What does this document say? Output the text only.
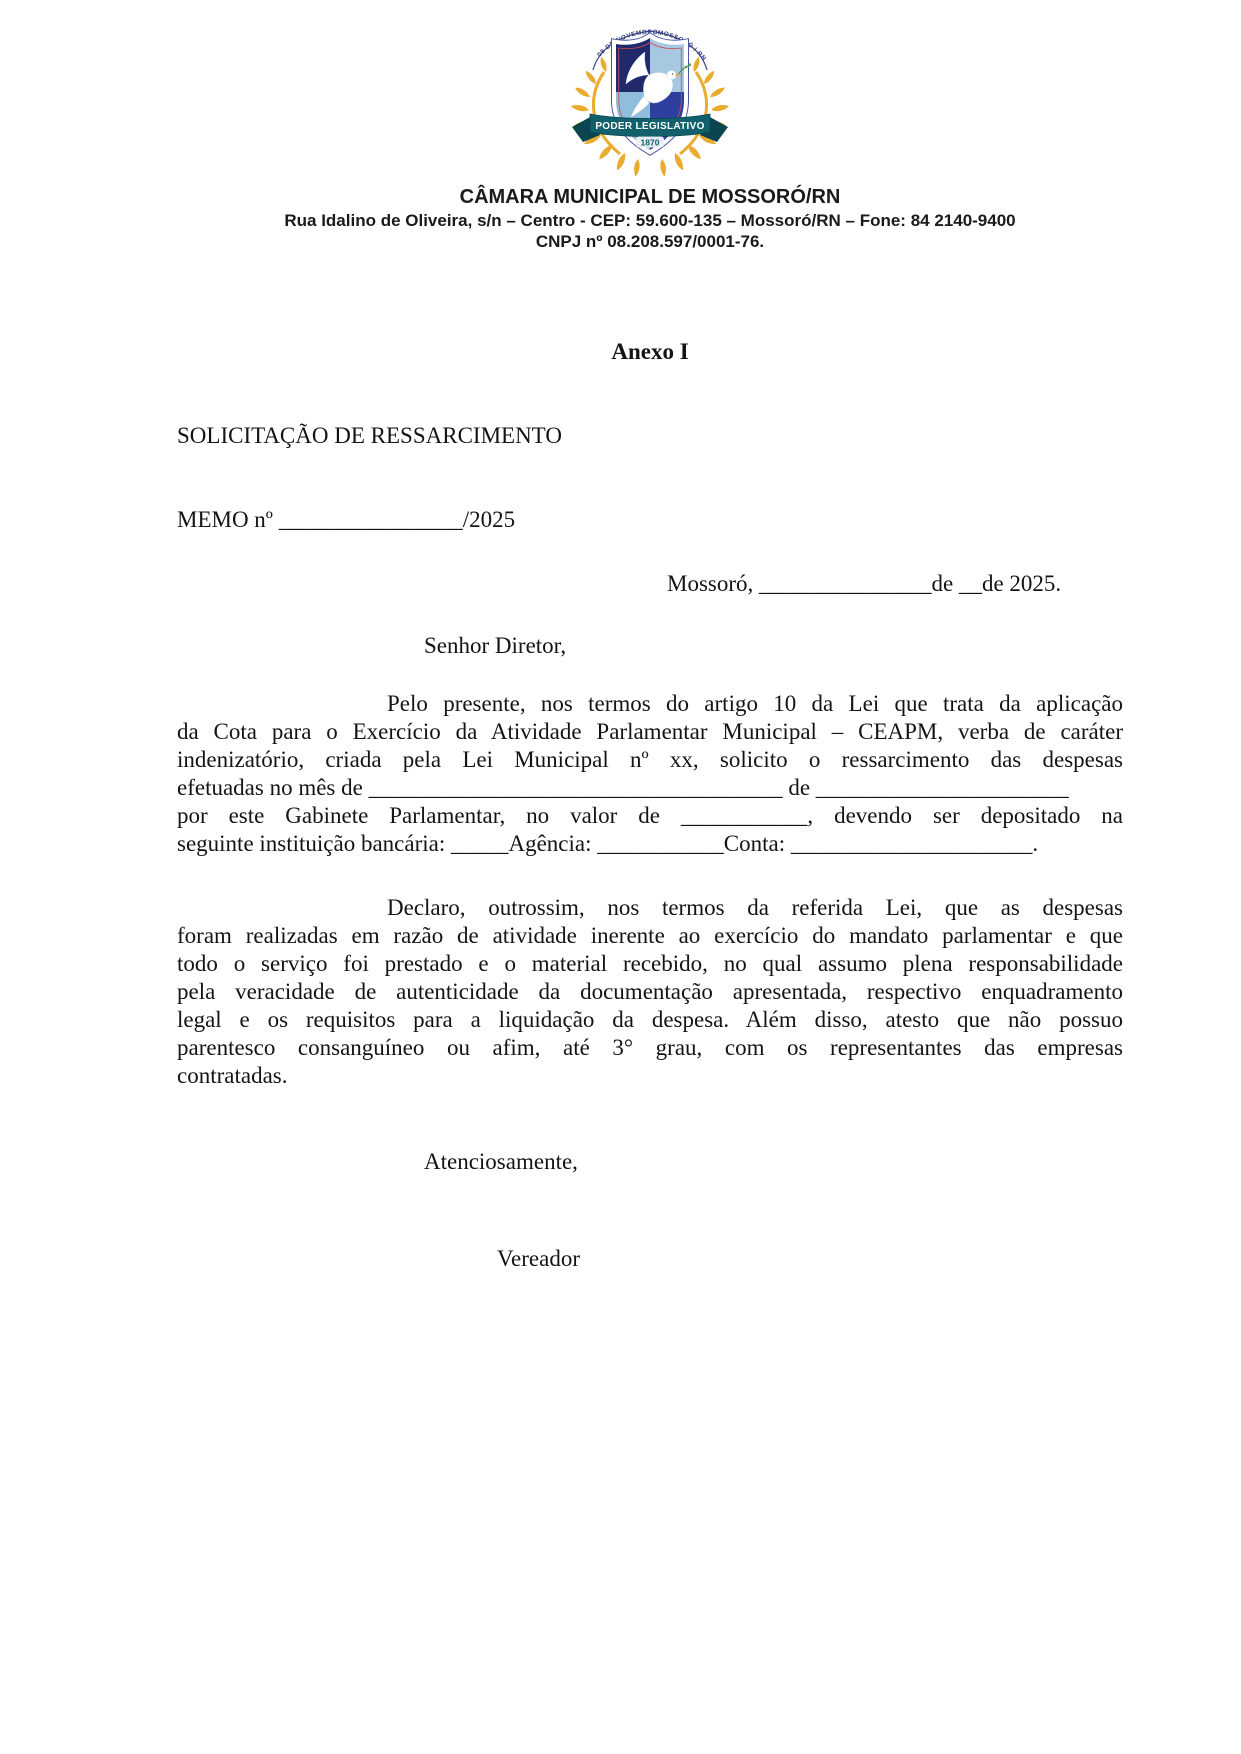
09 DE NOVEMBRO
MOSSORÓ / RN
PODER LEGISLATIVO
1870
CÂMARA MUNICIPAL DE MOSSORÓ/RN
Rua Idalino de Oliveira, s/n – Centro - CEP: 59.600-135 – Mossoró/RN – Fone: 84 2140-9400
CNPJ nº 08.208.597/0001-76.
Anexo I
SOLICITAÇÃO DE RESSARCIMENTO
MEMO nº ________________/2025
Mossoró, _______________de __de 2025.
Senhor Diretor,
Pelo presente, nos termos do artigo 10 da Lei que trata da aplicação
da Cota para o Exercício da Atividade Parlamentar Municipal – CEAPM, verba de caráter
indenizatório, criada pela Lei Municipal nº xx, solicito o ressarcimento das despesas
efetuadas no mês de ____________________________________ de ______________________
por este Gabinete Parlamentar, no valor de ___________, devendo ser depositado na
seguinte instituição bancária: _____Agência: ___________Conta: _____________________.
Declaro, outrossim, nos termos da referida Lei, que as despesas
foram realizadas em razão de atividade inerente ao exercício do mandato parlamentar e que
todo o serviço foi prestado e o material recebido, no qual assumo plena responsabilidade
pela veracidade de autenticidade da documentação apresentada, respectivo enquadramento
legal e os requisitos para a liquidação da despesa. Além disso, atesto que não possuo
parentesco consanguíneo ou afim, até 3° grau, com os representantes das empresas
contratadas.
Atenciosamente,
Vereador
